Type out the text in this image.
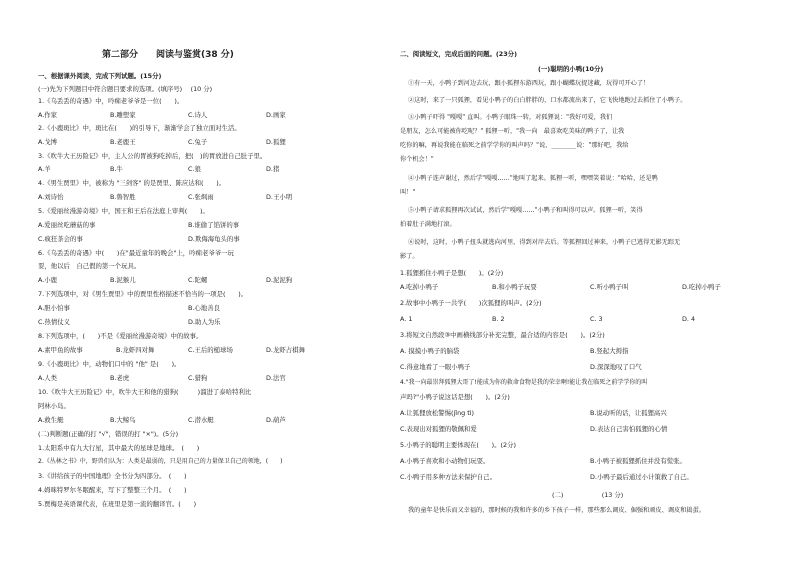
第二部分　　阅读与鉴赏(38 分)
一、根据课外阅读，完成下列试题。(15分)
(一)先为下列题目中符合题目要求的选项。(填序号)　 (10 分)
1.《乌丢丢的奇遇》中，吟痴老爷爷是一位(　　)。
A.作家	B.雕塑家	C.诗人	D.画家
2.《小鹿斑比》中，斑比在(　　)的引导下，渐渐学会了独立面对生活。
A.戈博	B.老鹿王	C.兔子	D.狐狸
3.《吹牛大王历险记》中，主人公的胃被狗吃掉后，把(　)的胃放进自己肚子里。
A.羊	B.牛	C.狼	D.猪
4.《男生贾里》中，被称为 "三剑客" 的是贾里、陈应达和(　　)。
A.刘诗怡	B.鲁智胜	C.张飒雨	D.王小明
5.《爱丽丝漫游奇境》中，国王和王后在法庭上审判(　　)。
A.爱丽丝吃蘑菇的事	B.谁偷了馅饼的事
C.疯狂茶会的事	D.欺侮海龟头的事
6.《乌丢丢的奇遇》中(　　)在"最近童年的晚会"上，吟痴老爷爷一玩
耍，他以后　自己假的第一个玩具。
A.小鹿	B.泥猴儿	C.陀螺	D.泥泥狗
7.下列选项中，对《男生贾里》中的贾里性格描述不恰当的一项是(　　)。
A.胆小怕事	B.心地善良
C.热情仗义	D.助人为乐
8.下列选项中，(　　)不是《爱丽丝漫游奇境》中的故事。
A.素甲鱼的故事	B.龙虾四对舞	C.王后的槌球场	D.龙虾占棋舞
9.《小鹿斑比》中，动物们口中的 "他" 是(　　)。
A.人类	B.老虎	C.猎狗	D.法官
10.《吹牛大王历险记》中，吹牛大王和他的猎狗(　　　)溜进了泰哈特利比
阿林小岛。
A.救生艇	B.大鲸鸟	C.潜水艇	D.葫芦
(二)判断题(正确的打 "√"，错误的打 "×")。(5分)
1.太阳系中有九大行星，其中最大的星球是地球。　(　　)
2.《丛林之书》中，野兽们认为：人类是最弱的，只是用自己的力量保卫自己的领地，(　　)
3.《讲给孩子的中国地理》全书分为四部分。　(　　)
4.姆咪特罗尔冬眠醒来，写下了整整三个月。　(　　)
5.贾梅是英语课代表，在班里是第一流的翻译官。(　　)
二、阅读短文，完成后面的问题。(23分)
(一)聪明的小鸭(10分)
①有一天，小鸭子到河边去玩，跟小狐狸东游西玩，跟小蝴蝶玩捉迷藏，玩得可开心了！
②这时，来了一只狐狸，看见小鸭子的白白胖胖的，口水都流出来了，它飞快地跑过去抓住了小鸭子。
③小鸭子吓得 "嘎嘎" 直叫。小鸭子眼珠一转，对狐狸说："我好可爱，我们
是朋友，怎么可能被你吃呢？" 狐狸一听，"我一向　最喜欢吃美味的鸭子了，让我
吃你的嘛，再说我能在临死之前学学你的叫声吗？"说，________说："那好吧，我给
你个机会！"
④小鸭子连声谢过，然后学"嘎嘎……"地叫了起来。狐狸一听，嘿嘿笑着说："哈哈，还是鸭
叫！"
⑤小鸭子请求狐狸再次试试，然后学"嘎嘎……"小鸭子和叫得可以声。狐狸一听，笑得
拍着肚子满地打滚。
⑥说时，这时，小鸭子扭头就逃向河里，得到对岸去后。等狐狸回过神来，小鸭子已逃得无影无踪无
影了。
1.狐狸抓住小鸭子是想(　　)。(2分)
A.吃掉小鸭子	B.和小鸭子玩耍	C.听小鸭子叫	D.吃掉小鸭子
2.故事中小鸭子一共学(　　)次狐狸的叫声。(2分)
A. 1	B. 2	C. 3	D. 4
3.将短文自然段③中画横线部分补充完整，最合适的内容是(　　)。(2分)
A. 摸摸小鸭子的脑袋	B.竖起大拇指
C.得意地看了一眼小鸭子	D.深深地叹了口气
4."我一向最崇拜狐狸大哥了!能成为你的救命食物是我的荣幸啊!能让我在临死之前学学你的叫
声吗?"小鸭子说这话是想(　　)。(2分)
A.让狐狸放松警惕(jǐng tì)	B.说动听的话，让狐狸高兴
C.表现出对狐狸的敬佩和爱	D.表达自己害怕狐狸的心情
5.小鸭子的聪明主要体现在(　　)。(2分)
A.小鸭子喜欢和小动物们玩耍。	B.小鸭子被狐狸抓住并没有慌张。
C.小鸭子用多种方法来保护自己。	D.小鸭子最后通过小计策救了自己。
(二)　　　　　　(13 分)
我的童年是快乐而又幸福的，那时候的我和许多的乡下孩子一样，那些那么调皮、倔强和顽皮、调皮和捣蛋。
